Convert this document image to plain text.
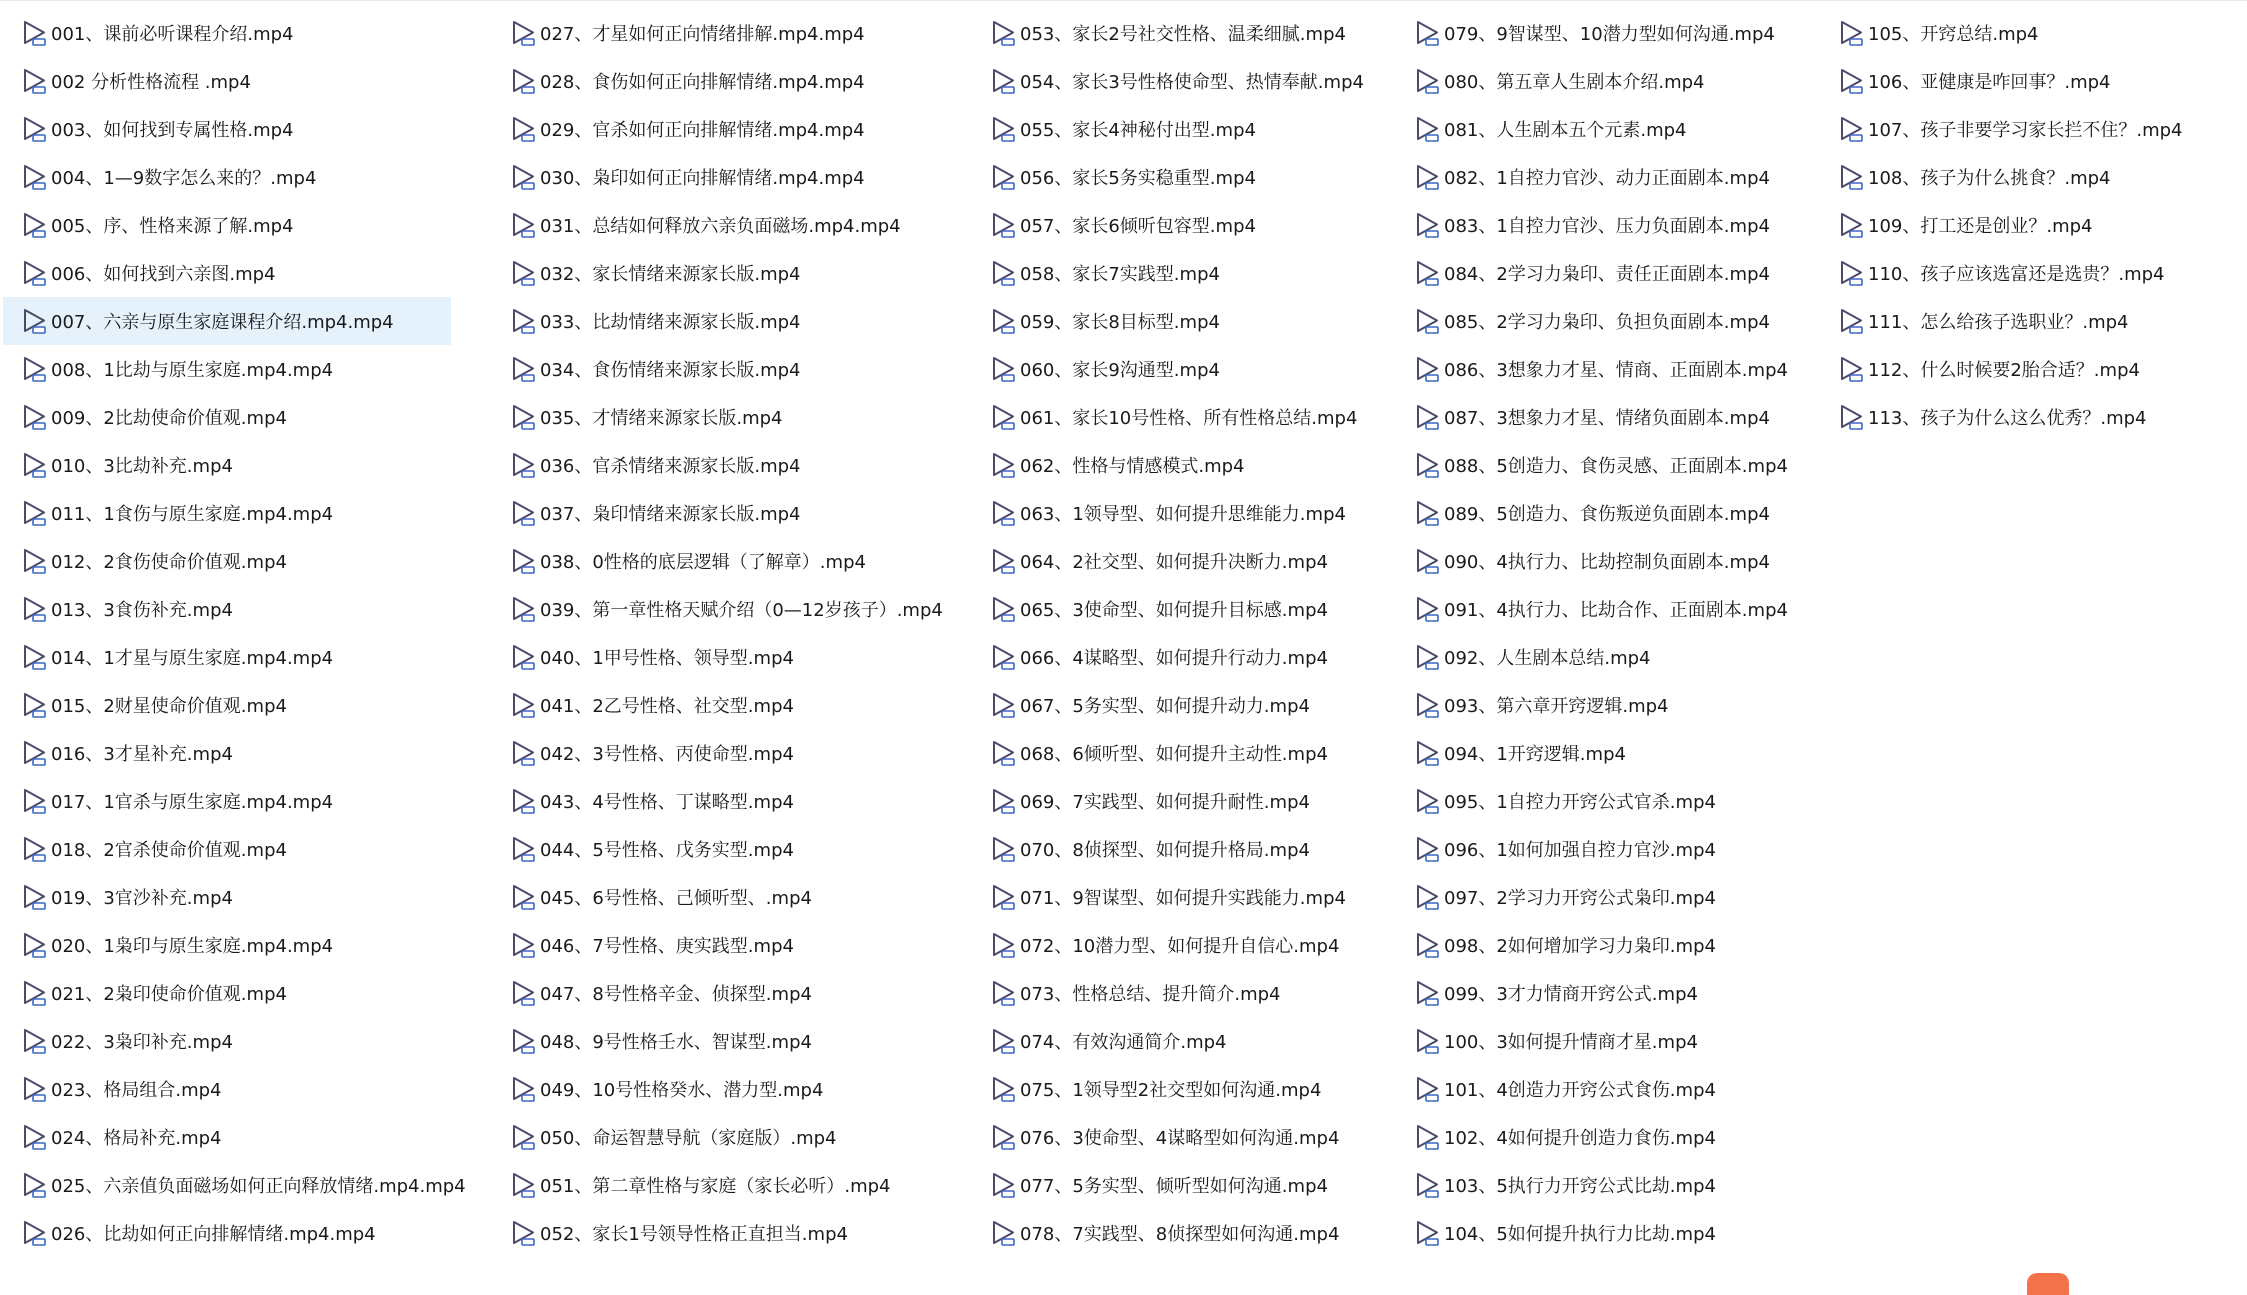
001、课前必听课程介绍.mp4
002 分析性格流程 .mp4
003、如何找到专属性格.mp4
004、1—9数字怎么来的？.mp4
005、序、性格来源了解.mp4
006、如何找到六亲图.mp4
007、六亲与原生家庭课程介绍.mp4.mp4
008、1比劫与原生家庭.mp4.mp4
009、2比劫使命价值观.mp4
010、3比劫补充.mp4
011、1食伤与原生家庭.mp4.mp4
012、2食伤使命价值观.mp4
013、3食伤补充.mp4
014、1才星与原生家庭.mp4.mp4
015、2财星使命价值观.mp4
016、3才星补充.mp4
017、1官杀与原生家庭.mp4.mp4
018、2官杀使命价值观.mp4
019、3官沙补充.mp4
020、1枭印与原生家庭.mp4.mp4
021、2枭印使命价值观.mp4
022、3枭印补充.mp4
023、格局组合.mp4
024、格局补充.mp4
025、六亲值负面磁场如何正向释放情绪.mp4.mp4
026、比劫如何正向排解情绪.mp4.mp4
027、才星如何正向情绪排解.mp4.mp4
028、食伤如何正向排解情绪.mp4.mp4
029、官杀如何正向排解情绪.mp4.mp4
030、枭印如何正向排解情绪.mp4.mp4
031、总结如何释放六亲负面磁场.mp4.mp4
032、家长情绪来源家长版.mp4
033、比劫情绪来源家长版.mp4
034、食伤情绪来源家长版.mp4
035、才情绪来源家长版.mp4
036、官杀情绪来源家长版.mp4
037、枭印情绪来源家长版.mp4
038、0性格的底层逻辑（了解章）.mp4
039、第一章性格天赋介绍（0—12岁孩子）.mp4
040、1甲号性格、领导型.mp4
041、2乙号性格、社交型.mp4
042、3号性格、丙使命型.mp4
043、4号性格、丁谋略型.mp4
044、5号性格、戊务实型.mp4
045、6号性格、己倾听型、.mp4
046、7号性格、庚实践型.mp4
047、8号性格辛金、侦探型.mp4
048、9号性格壬水、智谋型.mp4
049、10号性格癸水、潜力型.mp4
050、命运智慧导航（家庭版）.mp4
051、第二章性格与家庭（家长必听）.mp4
052、家长1号领导性格正直担当.mp4
053、家长2号社交性格、温柔细腻.mp4
054、家长3号性格使命型、热情奉献.mp4
055、家长4神秘付出型.mp4
056、家长5务实稳重型.mp4
057、家长6倾听包容型.mp4
058、家长7实践型.mp4
059、家长8目标型.mp4
060、家长9沟通型.mp4
061、家长10号性格、所有性格总结.mp4
062、性格与情感模式.mp4
063、1领导型、如何提升思维能力.mp4
064、2社交型、如何提升决断力.mp4
065、3使命型、如何提升目标感.mp4
066、4谋略型、如何提升行动力.mp4
067、5务实型、如何提升动力.mp4
068、6倾听型、如何提升主动性.mp4
069、7实践型、如何提升耐性.mp4
070、8侦探型、如何提升格局.mp4
071、9智谋型、如何提升实践能力.mp4
072、10潜力型、如何提升自信心.mp4
073、性格总结、提升简介.mp4
074、有效沟通简介.mp4
075、1领导型2社交型如何沟通.mp4
076、3使命型、4谋略型如何沟通.mp4
077、5务实型、倾听型如何沟通.mp4
078、7实践型、8侦探型如何沟通.mp4
079、9智谋型、10潜力型如何沟通.mp4
080、第五章人生剧本介绍.mp4
081、人生剧本五个元素.mp4
082、1自控力官沙、动力正面剧本.mp4
083、1自控力官沙、压力负面剧本.mp4
084、2学习力枭印、责任正面剧本.mp4
085、2学习力枭印、负担负面剧本.mp4
086、3想象力才星、情商、正面剧本.mp4
087、3想象力才星、情绪负面剧本.mp4
088、5创造力、食伤灵感、正面剧本.mp4
089、5创造力、食伤叛逆负面剧本.mp4
090、4执行力、比劫控制负面剧本.mp4
091、4执行力、比劫合作、正面剧本.mp4
092、人生剧本总结.mp4
093、第六章开窍逻辑.mp4
094、1开窍逻辑.mp4
095、1自控力开窍公式官杀.mp4
096、1如何加强自控力官沙.mp4
097、2学习力开窍公式枭印.mp4
098、2如何增加学习力枭印.mp4
099、3才力情商开窍公式.mp4
100、3如何提升情商才星.mp4
101、4创造力开窍公式食伤.mp4
102、4如何提升创造力食伤.mp4
103、5执行力开窍公式比劫.mp4
104、5如何提升执行力比劫.mp4
105、开窍总结.mp4
106、亚健康是咋回事？.mp4
107、孩子非要学习家长拦不住？.mp4
108、孩子为什么挑食？.mp4
109、打工还是创业？.mp4
110、孩子应该选富还是选贵？.mp4
111、怎么给孩子选职业？.mp4
112、什么时候要2胎合适？.mp4
113、孩子为什么这么优秀？.mp4
